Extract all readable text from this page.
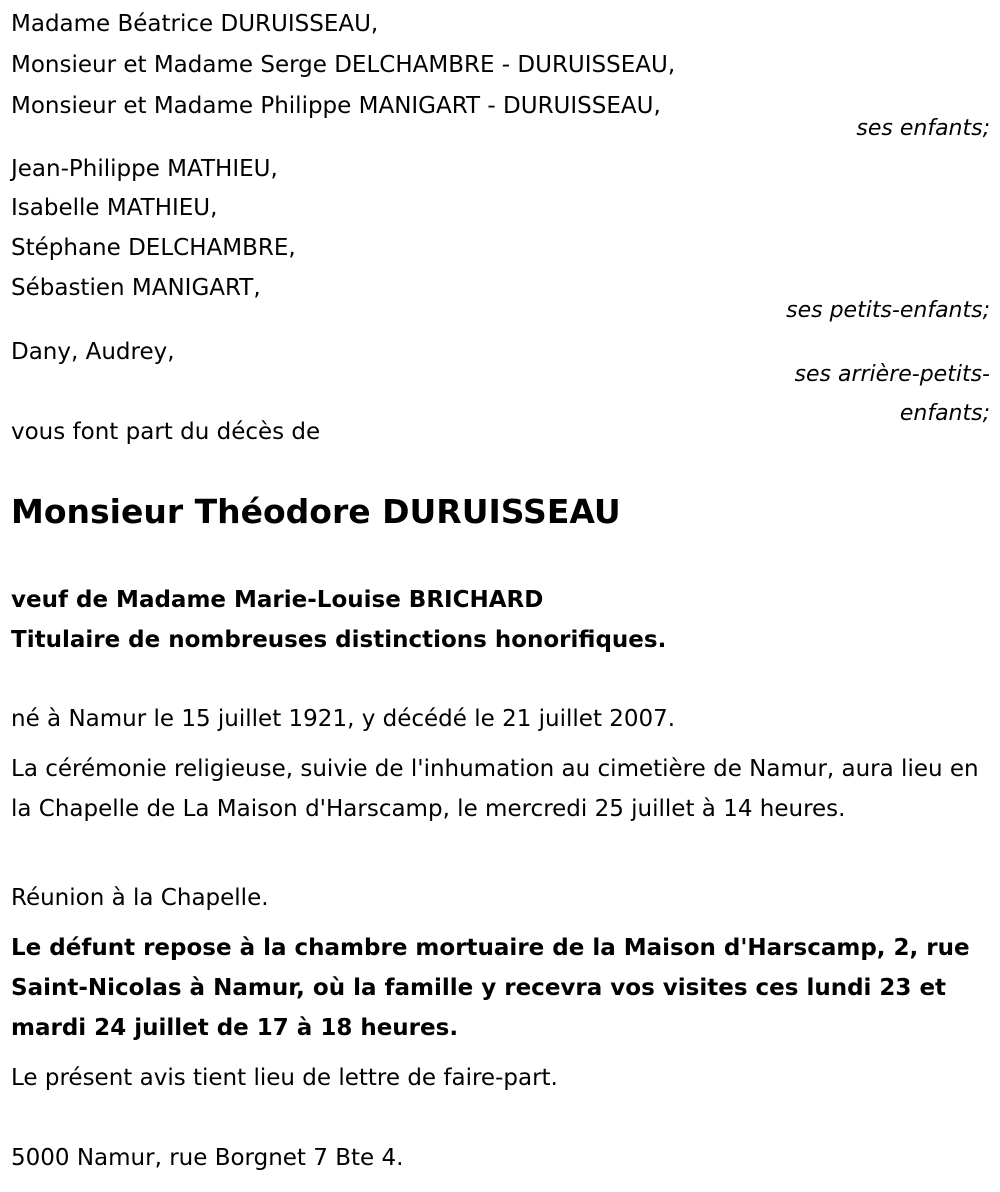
Madame Béatrice DURUISSEAU,
Monsieur et Madame Serge DELCHAMBRE - DURUISSEAU,
Monsieur et Madame Philippe MANIGART - DURUISSEAU,
ses enfants;
Jean-Philippe MATHIEU,
Isabelle MATHIEU,
Stéphane DELCHAMBRE,
Sébastien MANIGART,
ses petits-enfants;
Dany, Audrey,
ses arrière-petits-
enfants;
vous font part du décès de
Monsieur Théodore DURUISSEAU
veuf de Madame Marie-Louise BRICHARD
Titulaire de nombreuses distinctions honorifiques.
né à Namur le 15 juillet 1921, y décédé le 21 juillet 2007.
La cérémonie religieuse, suivie de l'inhumation au cimetière de Namur, aura lieu en la Chapelle de La Maison d'Harscamp, le mercredi 25 juillet à 14 heures.
Réunion à la Chapelle.
Le défunt repose à la chambre mortuaire de la Maison d'Harscamp, 2, rue Saint-Nicolas à Namur, où la famille y recevra vos visites ces lundi 23 et mardi 24 juillet de 17 à 18 heures.
Le présent avis tient lieu de lettre de faire-part.
5000 Namur, rue Borgnet 7 Bte 4.
